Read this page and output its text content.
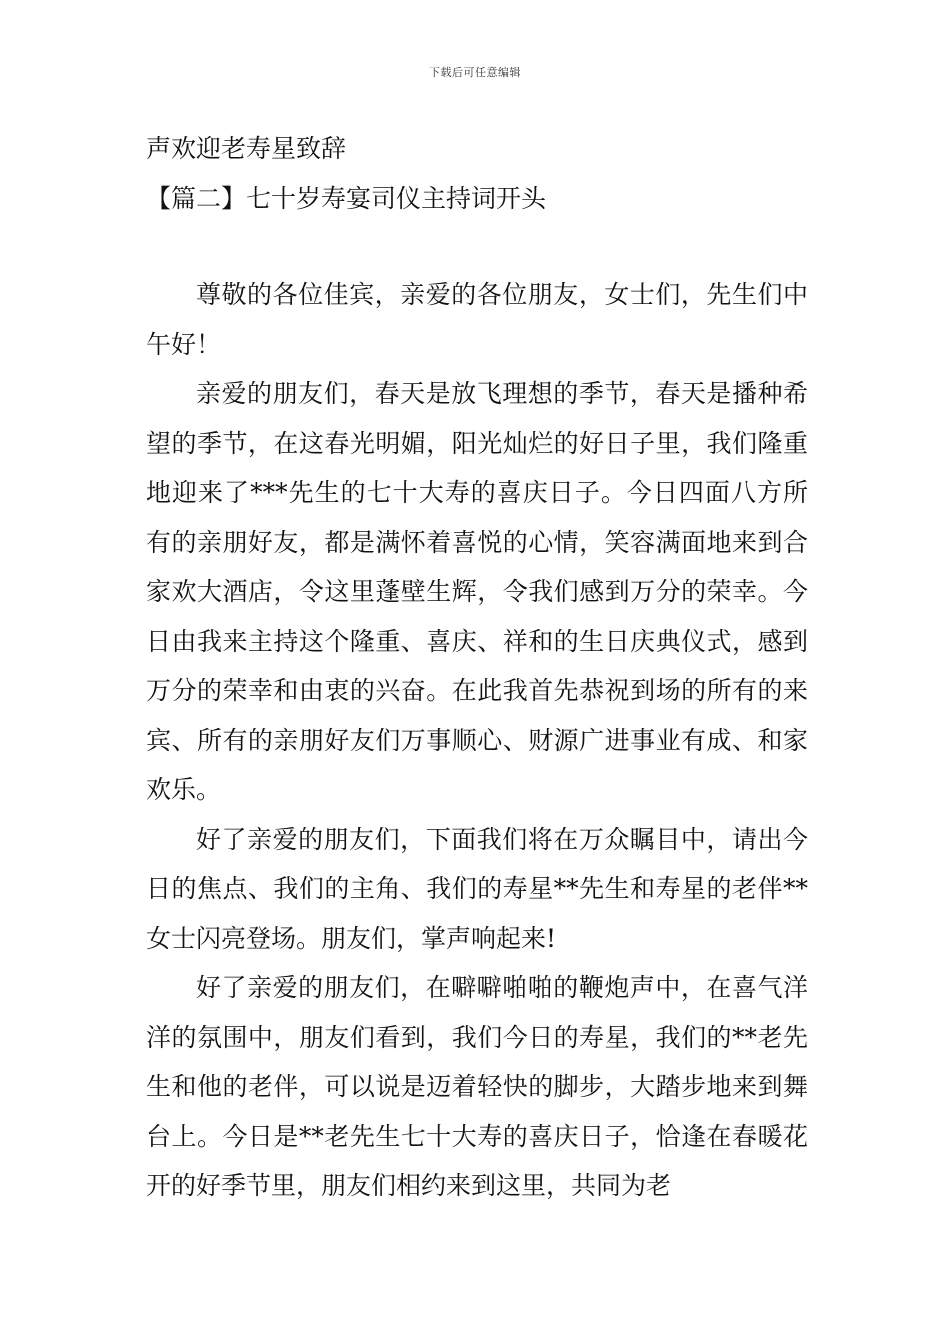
下载后可任意编辑

声欢迎老寿星致辞

【篇二】七十岁寿宴司仪主持词开头

尊敬的各位佳宾，亲爱的各位朋友，女士们，先生们中午好！

亲爱的朋友们，春天是放飞理想的季节，春天是播种希望的季节，在这春光明媚，阳光灿烂的好日子里，我们隆重地迎来了***先生的七十大寿的喜庆日子。今日四面八方所有的亲朋好友，都是满怀着喜悦的心情，笑容满面地来到合家欢大酒店，令这里蓬壁生辉，令我们感到万分的荣幸。今日由我来主持这个隆重、喜庆、祥和的生日庆典仪式，感到万分的荣幸和由衷的兴奋。在此我首先恭祝到场的所有的来宾、所有的亲朋好友们万事顺心、财源广进事业有成、和家欢乐。

好了亲爱的朋友们，下面我们将在万众瞩目中，请出今日的焦点、我们的主角、我们的寿星**先生和寿星的老伴**女士闪亮登场。朋友们，掌声响起来!

好了亲爱的朋友们，在噼噼啪啪的鞭炮声中，在喜气洋洋的氛围中，朋友们看到，我们今日的寿星，我们的**老先生和他的老伴，可以说是迈着轻快的脚步，大踏步地来到舞台上。今日是**老先生七十大寿的喜庆日子，恰逢在春暖花开的好季节里，朋友们相约来到这里，共同为老
